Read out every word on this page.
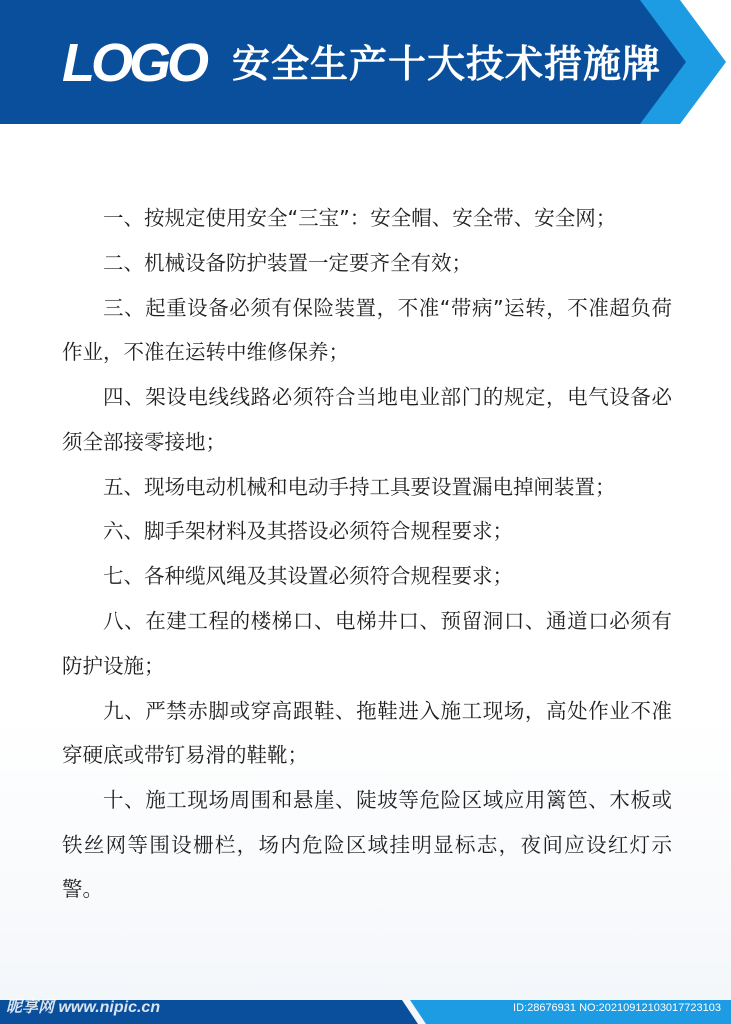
LOGO 安全生产十大技术措施牌

一、按规定使用安全“三宝”：安全帽、安全带、安全网；

二、机械设备防护装置一定要齐全有效；

三、起重设备必须有保险装置，不准“带病”运转，不准超负荷作业，不准在运转中维修保养；

四、架设电线线路必须符合当地电业部门的规定，电气设备必须全部接零接地；

五、现场电动机械和电动手持工具要设置漏电掉闸装置；

六、脚手架材料及其搭设必须符合规程要求；

七、各种缆风绳及其设置必须符合规程要求；

八、在建工程的楼梯口、电梯井口、预留洞口、通道口必须有防护设施；

九、严禁赤脚或穿高跟鞋、拖鞋进入施工现场，高处作业不准穿硬底或带钉易滑的鞋靴；

十、施工现场周围和悬崖、陡坡等危险区域应用篱笆、木板或铁丝网等围设栅栏，场内危险区域挂明显标志，夜间应设红灯示警。

昵享网 www.nipic.cn	ID:28676931 NO:20210912103017723103
